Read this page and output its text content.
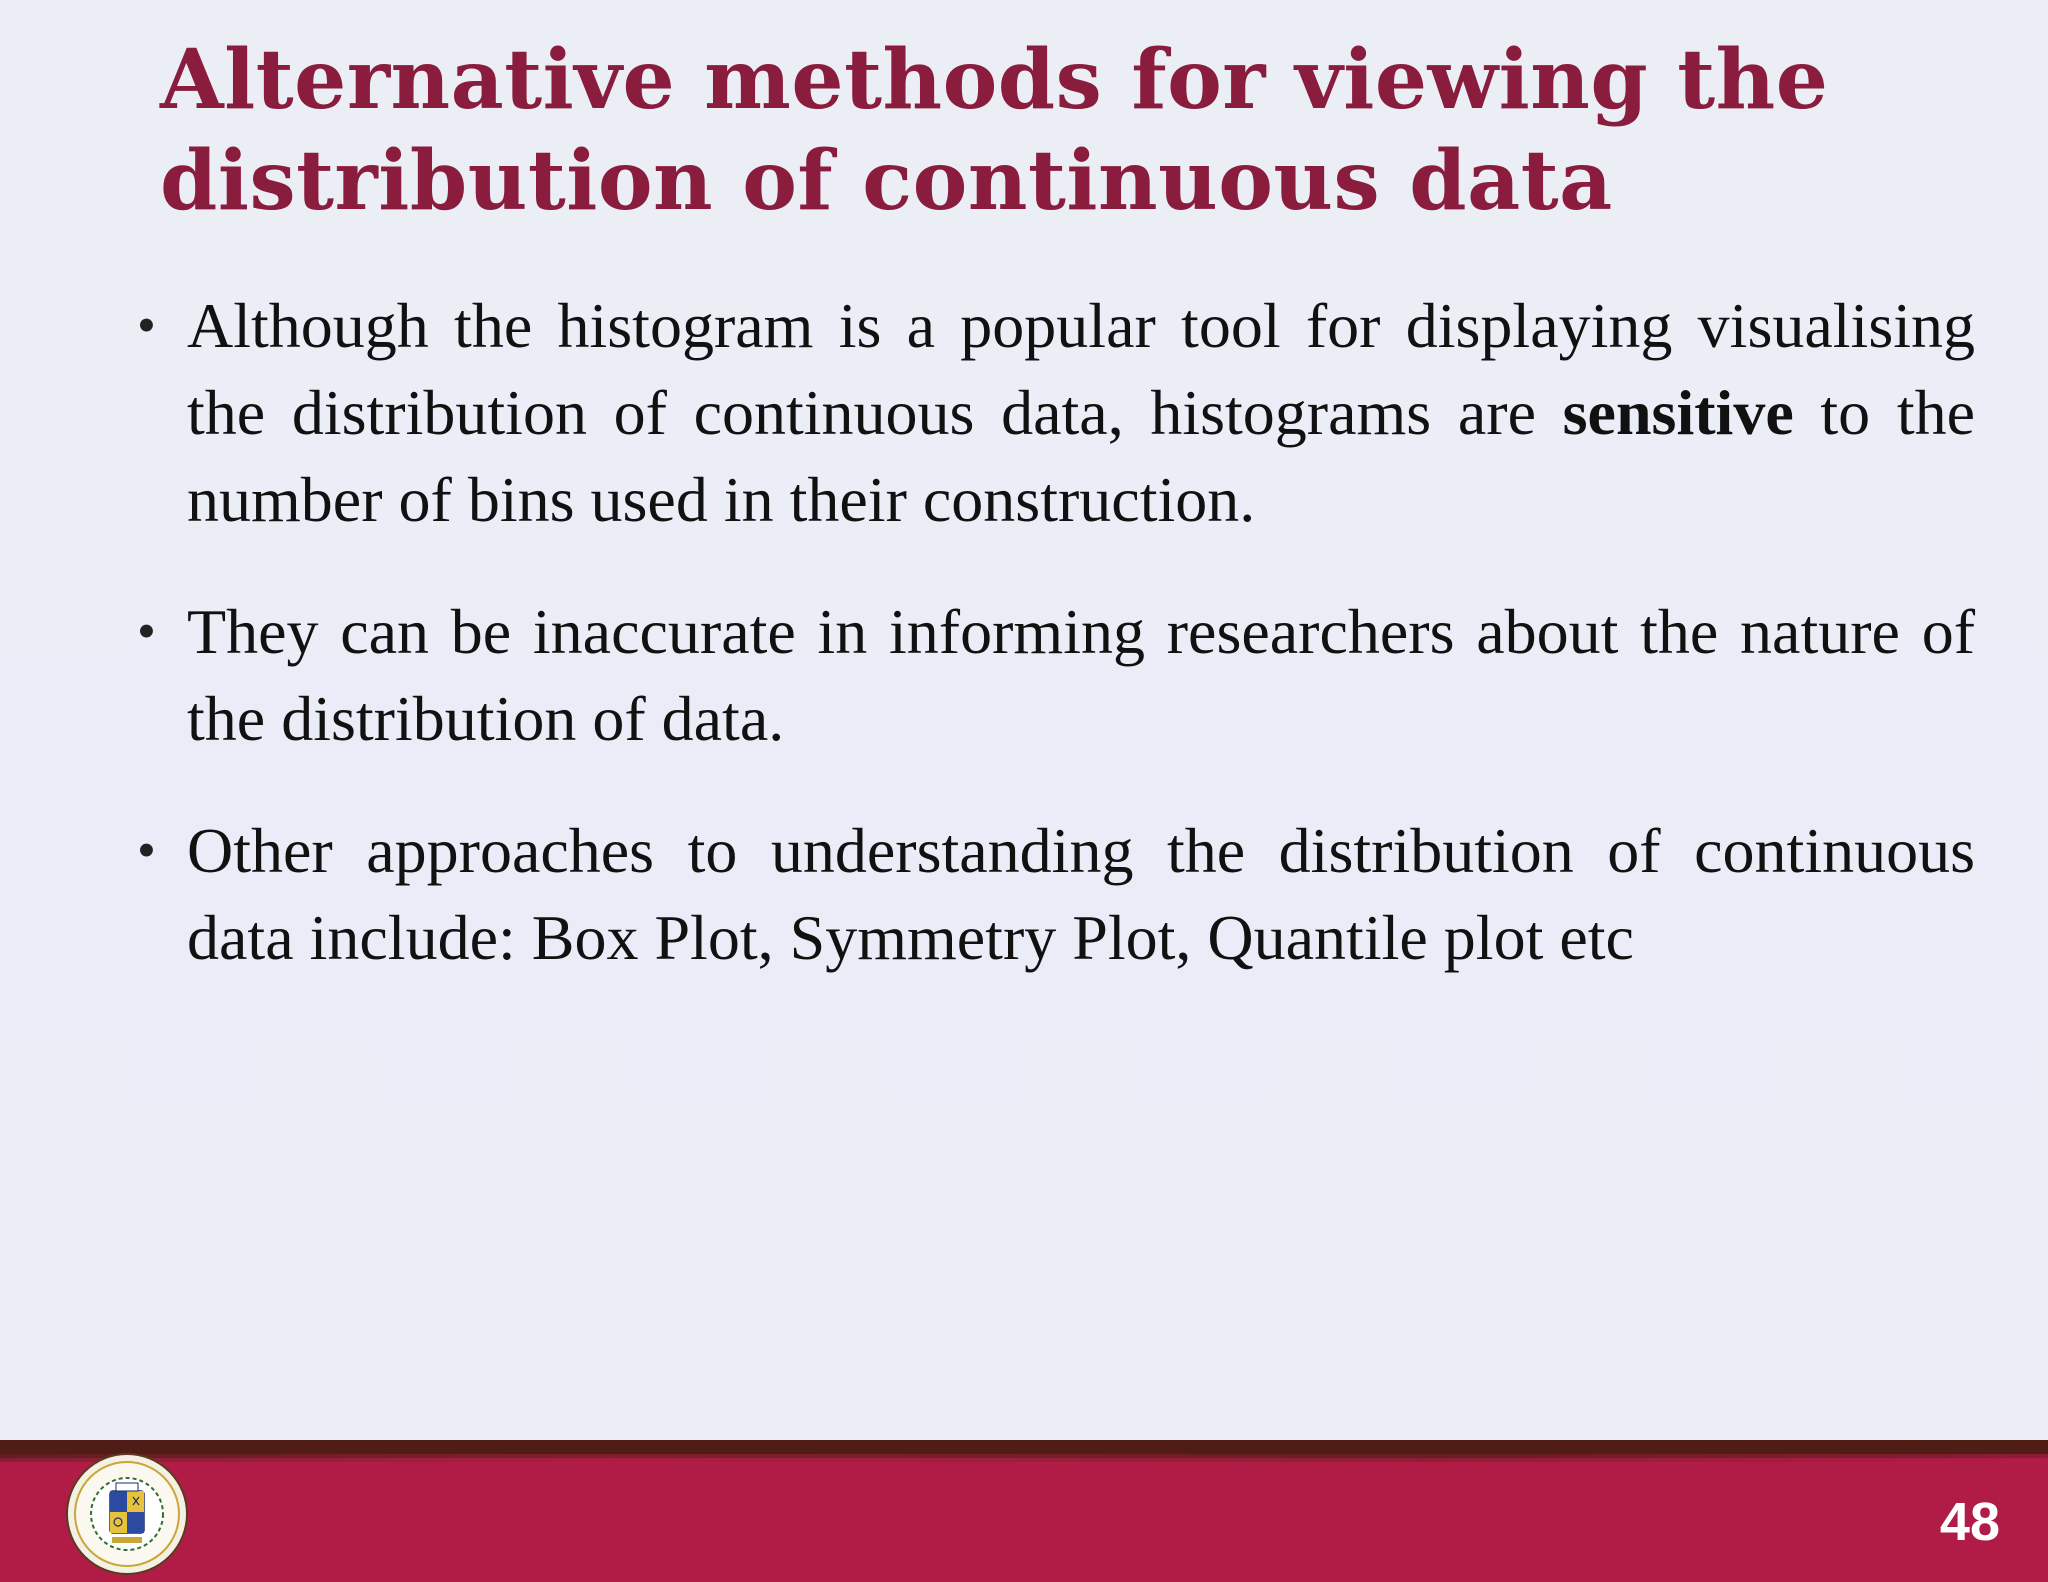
Alternative methods for viewing the
distribution of continuous data
• Although the histogram is a popular tool for displaying visualising the distribution of continuous data, histograms are sensitive to the number of bins used in their construction.
• They can be inaccurate in informing researchers about the nature of the distribution of data.
• Other approaches to understanding the distribution of continuous data include: Box Plot, Symmetry Plot, Quantile plot etc
48
